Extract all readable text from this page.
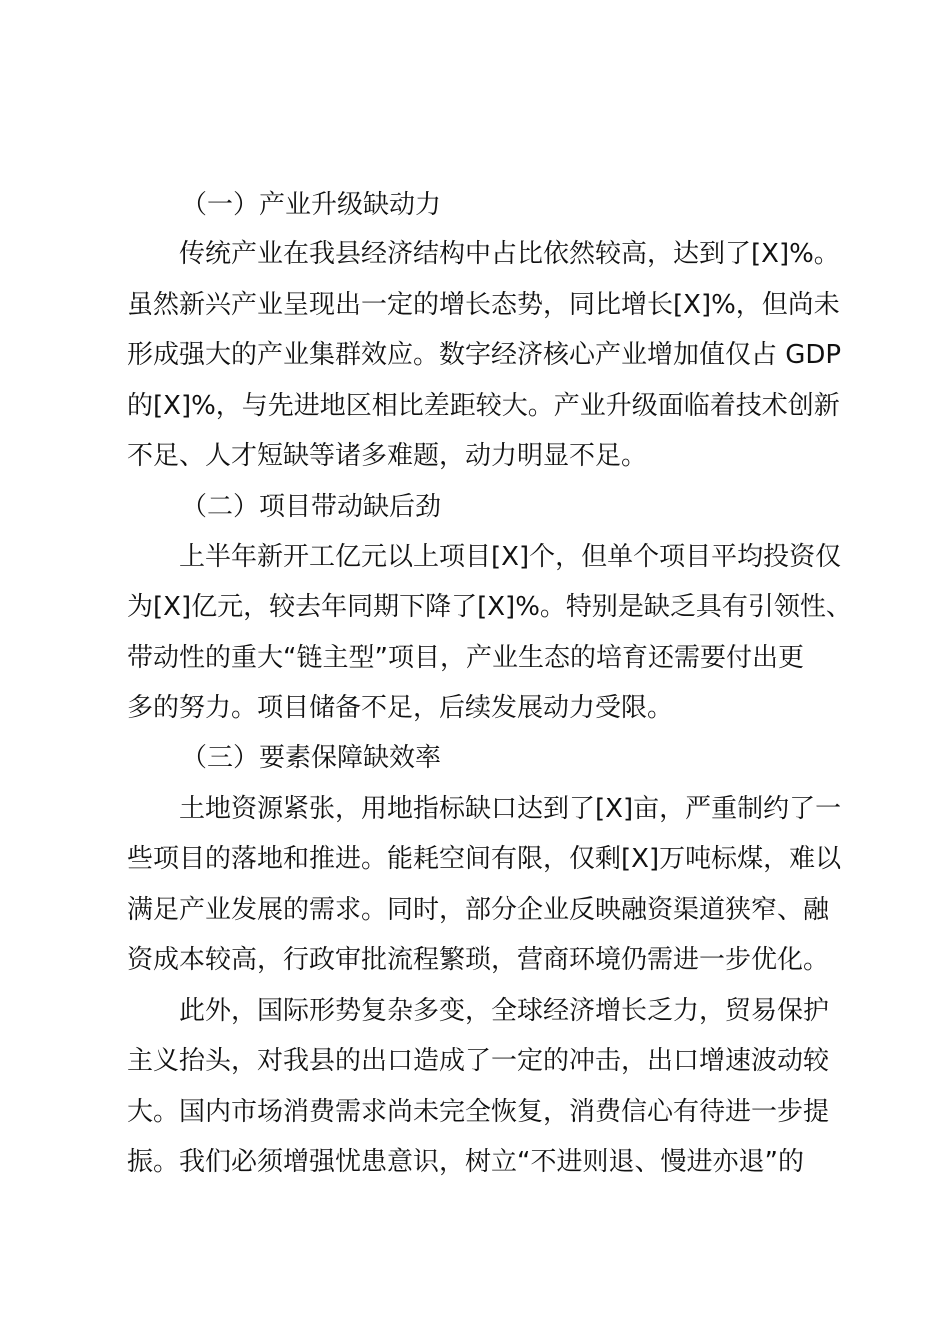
（一）产业升级缺动力
传统产业在我县经济结构中占比依然较高，达到了[X]%。
虽然新兴产业呈现出一定的增长态势，同比增长[X]%，但尚未
形成强大的产业集群效应。数字经济核心产业增加值仅占 GDP
的[X]%，与先进地区相比差距较大。产业升级面临着技术创新
不足、人才短缺等诸多难题，动力明显不足。
（二）项目带动缺后劲
上半年新开工亿元以上项目[X]个，但单个项目平均投资仅
为[X]亿元，较去年同期下降了[X]%。特别是缺乏具有引领性、
带动性的重大“链主型”项目，产业生态的培育还需要付出更
多的努力。项目储备不足，后续发展动力受限。
（三）要素保障缺效率
土地资源紧张，用地指标缺口达到了[X]亩，严重制约了一
些项目的落地和推进。能耗空间有限，仅剩[X]万吨标煤，难以
满足产业发展的需求。同时，部分企业反映融资渠道狭窄、融
资成本较高，行政审批流程繁琐，营商环境仍需进一步优化。
此外，国际形势复杂多变，全球经济增长乏力，贸易保护
主义抬头，对我县的出口造成了一定的冲击，出口增速波动较
大。国内市场消费需求尚未完全恢复，消费信心有待进一步提
振。我们必须增强忧患意识，树立“不进则退、慢进亦退”的
